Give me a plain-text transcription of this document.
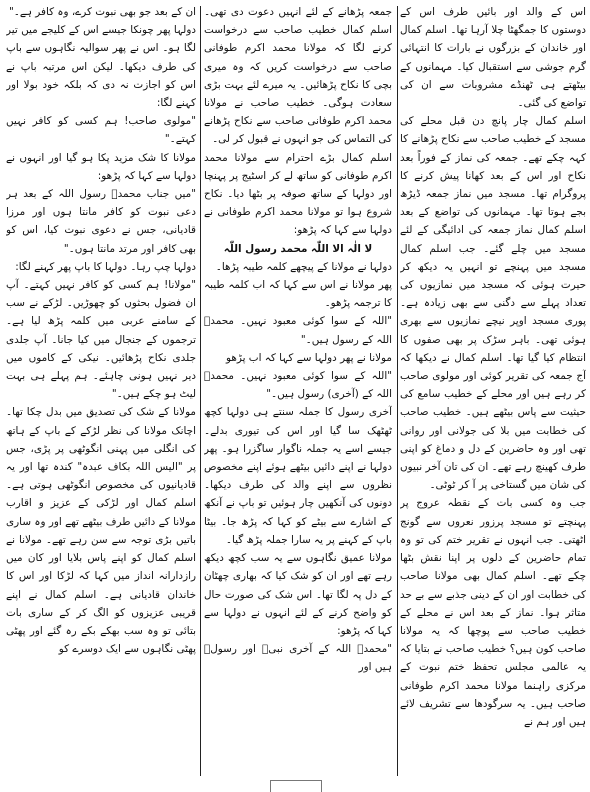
اس کے والد اور بائیں طرف اس کے دوستوں کا جمگھٹا چلا آرہا تھا۔ اسلم کمال اور خاندان کے بزرگوں نے بارات کا انتہائی گرم جوشی سے استقبال کیا۔ مہمانوں کے بیٹھتے ہی ٹھنڈے مشروبات سے ان کی تواضع کی گئی۔

اسلم کمال چار پانچ دن قبل محلے کی مسجد کے خطیب صاحب سے نکاح پڑھانے کا کہہ چکے تھے۔ جمعہ کی نماز کے فوراً بعد نکاح اور اس کے بعد کھانا پیش کرنے کا پروگرام تھا۔ مسجد میں نماز جمعہ ڈیڑھ بجے ہوتا تھا۔ مہمانوں کی تواضع کے بعد اسلم کمال نماز جمعہ کی ادائیگی کے لئے مسجد میں چلے گئے۔ جب اسلم کمال مسجد میں پہنچے تو انہیں یہ دیکھ کر حیرت ہوئی کہ مسجد میں نمازیوں کی تعداد پہلے سے دگنی سے بھی زیادہ ہے۔ پوری مسجد اوپر نیچے نمازیوں سے بھری ہوئی تھی۔ باہر سڑک پر بھی صفوں کا انتظام کیا گیا تھا۔ اسلم کمال نے دیکھا کہ آج جمعہ کی تقریر کوئی اور مولوی صاحب کر رہے ہیں اور محلے کے خطیب سامع کی حیثیت سے پاس بیٹھے ہیں۔ خطیب صاحب کی خطابت میں بلا کی جولانی اور روانی تھی اور وہ حاضرین کے دل و دماغ کو اپنی طرف کھینچ رہے تھے۔ ان کی تان آخر نبیوں کی شان میں گستاخی پر آ کر ٹوٹی۔

جب وہ کسی بات کے نقطہ عروج پر پہنچتے تو مسجد پرزور نعروں سے گونج اٹھتی۔ جب انہوں نے تقریر ختم کی تو وہ تمام حاضرین کے دلوں پر اپنا نقش بٹھا چکے تھے۔ اسلم کمال بھی مولانا صاحب کی خطابت اور ان کے دینی جذبے سے بے حد متاثر ہوا۔ نماز کے بعد اس نے محلے کے خطیب صاحب سے پوچھا کہ یہ مولانا صاحب کون ہیں؟ خطیب صاحب نے بتایا کہ یہ عالمی مجلس تحفظ ختم نبوت کے مرکزی راہنما مولانا محمد اکرم طوفانی صاحب ہیں۔ یہ سرگودھا سے تشریف لائے ہیں اور ہم نے

جمعہ پڑھانے کے لئے انہیں دعوت دی تھی۔ اسلم کمال خطیب صاحب سے درخواست کرنے لگا کہ مولانا محمد اکرم طوفانی صاحب سے درخواست کریں کہ وہ میری بچی کا نکاح پڑھائیں۔ یہ میرے لئے بہت بڑی سعادت ہوگی۔ خطیب صاحب نے مولانا محمد اکرم طوفانی صاحب سے نکاح پڑھانے کی التماس کی جو انہوں نے قبول کر لی۔

اسلم کمال بڑے احترام سے مولانا محمد اکرم طوفانی کو ساتھ لے کر اسٹیج پر پہنچا اور دولہا کے ساتھ صوفہ پر بٹھا دیا۔ نکاح شروع ہوا تو مولانا محمد اکرم طوفانی نے دولہا سے کہا کہ پڑھو:

لا الٰہ الا اللّٰہ محمد رسول اللّٰہ

دولہا نے مولانا کے پیچھے کلمہ طیبہ پڑھا۔

پھر مولانا نے اس سے کہا کہ اب کلمہ طیبہ کا ترجمہ پڑھو۔

"اللہ کے سوا کوئی معبود نہیں۔ محمدؐ اللہ کے رسول ہیں۔"

مولانا نے پھر دولہا سے کہا کہ اب پڑھو

"اللہ کے سوا کوئی معبود نہیں۔ محمدؐ اللہ کے (آخری) رسول ہیں۔"

آخری رسول کا جملہ سنتے ہی دولہا کچھ ٹھٹھک سا گیا اور اس کی تیوری بدلے۔ جیسے اسے یہ جملہ ناگوار ساگزرا ہو۔ پھر دولہا نے اپنے دائیں بیٹھے ہوئے اپنے مخصوص نظروں سے اپنے والد کی طرف دیکھا۔ دونوں کی آنکھیں چار ہوئیں تو باپ نے آنکھ کے اشارے سے بیٹے کو کہا کہ پڑھ جا۔ بیٹا باپ کے کہنے پر یہ سارا جملہ پڑھ گیا۔

مولانا عمیق نگاہوں سے یہ سب کچھ دیکھ رہے تھے اور ان کو شک کیا کہ بھاری چھٹان کے دل پہ لگا تھا۔ اس شک کی صورت حال کو واضح کرنے کے لئے انہوں نے دولہا سے کہا کہ پڑھو:

"محمدؐ اللہ کے آخری نبیؐ اور رسولؐ ہیں اور

ان کے بعد جو بھی نبوت کرے، وہ کافر ہے۔"

دولہا پھر چونکا جیسے اس کے کلیجے میں تیر لگا ہو۔ اس نے پھر سوالیہ نگاہوں سے باپ کی طرف دیکھا۔ لیکن اس مرتبہ باپ نے اس کو اجازت نہ دی کہ بلکہ خود بولا اور کہنے لگا:

"مولوی صاحب! ہم کسی کو کافر نہیں کہتے۔"

مولانا کا شک مزید پکا ہو گیا اور انہوں نے دولہا سے کہا کہ پڑھو:

"میں جناب محمدؐ رسول اللہ کے بعد ہر دعی نبوت کو کافر مانتا ہوں اور مرزا قادیانی، جس نے دعوی نبوت کیا، اس کو بھی کافر اور مرتد مانتا ہوں۔"

دولہا چپ رہا۔ دولہا کا باپ پھر کہنے لگا:

"مولانا! ہم کسی کو کافر نہیں کہتے۔ آپ ان فضول بحثوں کو چھوڑیں۔ لڑکے نے سب کے سامنے عربی میں کلمہ پڑھ لیا ہے۔ ترجموں کے جنجال میں کیا جانا۔ آپ جلدی جلدی نکاح پڑھائیں۔ نیکی کے کاموں میں دیر نہیں ہونی چاہئے۔ ہم پہلے ہی بہت لیٹ ہو چکے ہیں۔"

مولانا کے شک کی تصدیق میں بدل چکا تھا۔ اچانک مولانا کی نظر لڑکے کے باپ کے ہاتھ کی انگلی میں پہنی انگوٹھی پر پڑی، جس پر "الیس اللہ بکاف عبدہ" کندہ تھا اور یہ قادیانیوں کی مخصوص انگوٹھی ہوتی ہے۔ اسلم کمال اور لڑکی کے عزیز و اقارب مولانا کے دائیں طرف بیٹھے تھے اور وہ ساری باتیں بڑی توجہ سے سن رہے تھے۔ مولانا نے اسلم کمال کو اپنے پاس بلایا اور کان میں رازدارانہ انداز میں کہا کہ لڑکا اور اس کا خاندان قادیانی ہے۔ اسلم کمال نے اپنے قریبی عزیزوں کو الگ کر کے ساری بات بتائی تو وہ سب بھکے بکے رہ گئے اور پھٹی پھٹی نگاہوں سے ایک دوسرے کو
